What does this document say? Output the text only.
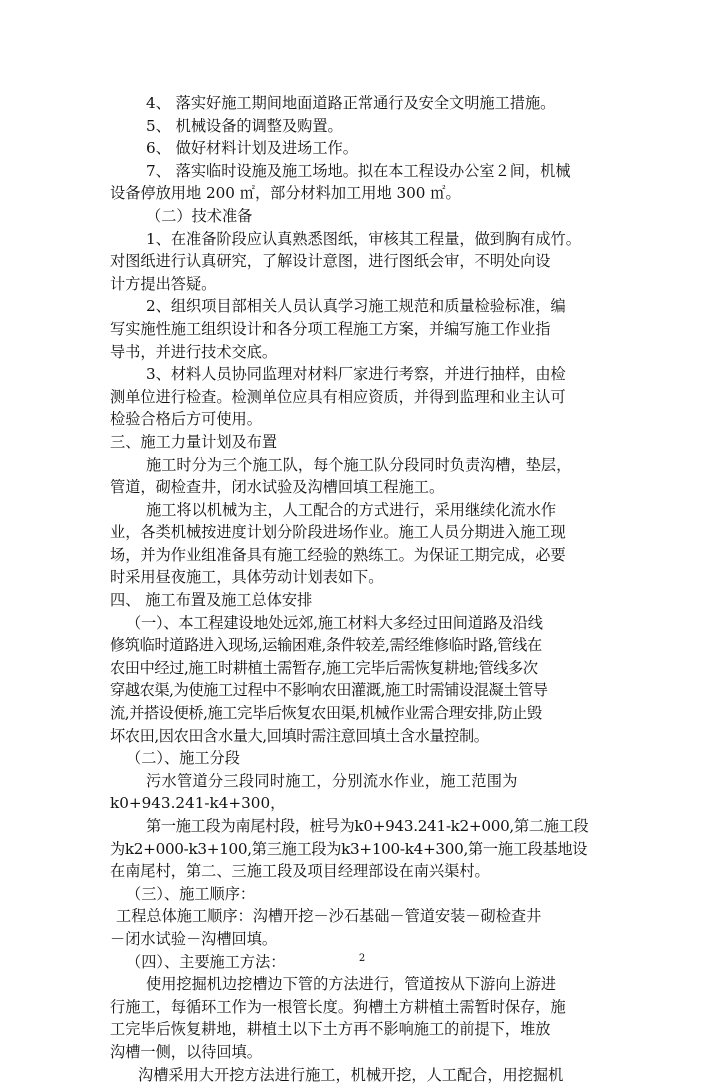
4、 落实好施工期间地面道路正常通行及安全文明施工措施。
5、 机械设备的调整及购置。
6、 做好材料计划及进场工作。
7、 落实临时设施及施工场地。拟在本工程设办公室２间，机械
设备停放用地 200 ㎡，部分材料加工用地 300 ㎡。
（二）技术准备
1、在准备阶段应认真熟悉图纸，审核其工程量，做到胸有成竹。
对图纸进行认真研究，了解设计意图，进行图纸会审，不明处向设
计方提出答疑。
2、组织项目部相关人员认真学习施工规范和质量检验标准，编
写实施性施工组织设计和各分项工程施工方案，并编写施工作业指
导书，并进行技术交底。
3、材料人员协同监理对材料厂家进行考察，并进行抽样，由检
测单位进行检查。检测单位应具有相应资质，并得到监理和业主认可
检验合格后方可使用。
三、施工力量计划及布置
施工时分为三个施工队，每个施工队分段同时负责沟槽，垫层，
管道，砌检查井，闭水试验及沟槽回填工程施工。
施工将以机械为主，人工配合的方式进行，采用继续化流水作
业，各类机械按进度计划分阶段进场作业。施工人员分期进入施工现
场，并为作业组准备具有施工经验的熟练工。为保证工期完成，必要
时采用昼夜施工，具体劳动计划表如下。
四、 施工布置及施工总体安排
（一）、本工程建设地处远郊,施工材料大多经过田间道路及沿线
修筑临时道路进入现场,运输困难,条件较差,需经维修临时路,管线在
农田中经过,施工时耕植土需暂存,施工完毕后需恢复耕地;管线多次
穿越农渠,为使施工过程中不影响农田灌溉,施工时需铺设混凝土管导
流,并搭设便桥,施工完毕后恢复农田渠,机械作业需合理安排,防止毁
坏农田,因农田含水量大,回填时需注意回填土含水量控制。
（二）、施工分段
污水管道分三段同时施工，分别流水作业，施工范围为
k0+943.241-k4+300，
第一施工段为南尾村段，桩号为k0+943.241-k2+000,第二施工段
为k2+000-k3+100,第三施工段为k3+100-k4+300,第一施工段基地设
在南尾村，第二、三施工段及项目经理部设在南兴渠村。
（三）、施工顺序：
工程总体施工顺序：沟槽开挖－沙石基础－管道安装－砌检查井
－闭水试验－沟槽回填。
（四）、主要施工方法：
使用挖掘机边挖槽边下管的方法进行，管道按从下游向上游进
行施工，每循环工作为一根管长度。狗槽土方耕植土需暂时保存，施
工完毕后恢复耕地，耕植土以下土方再不影响施工的前提下，堆放
沟槽一侧，以待回填。
沟槽采用大开挖方法进行施工，机械开挖，人工配合，用挖掘机
2
